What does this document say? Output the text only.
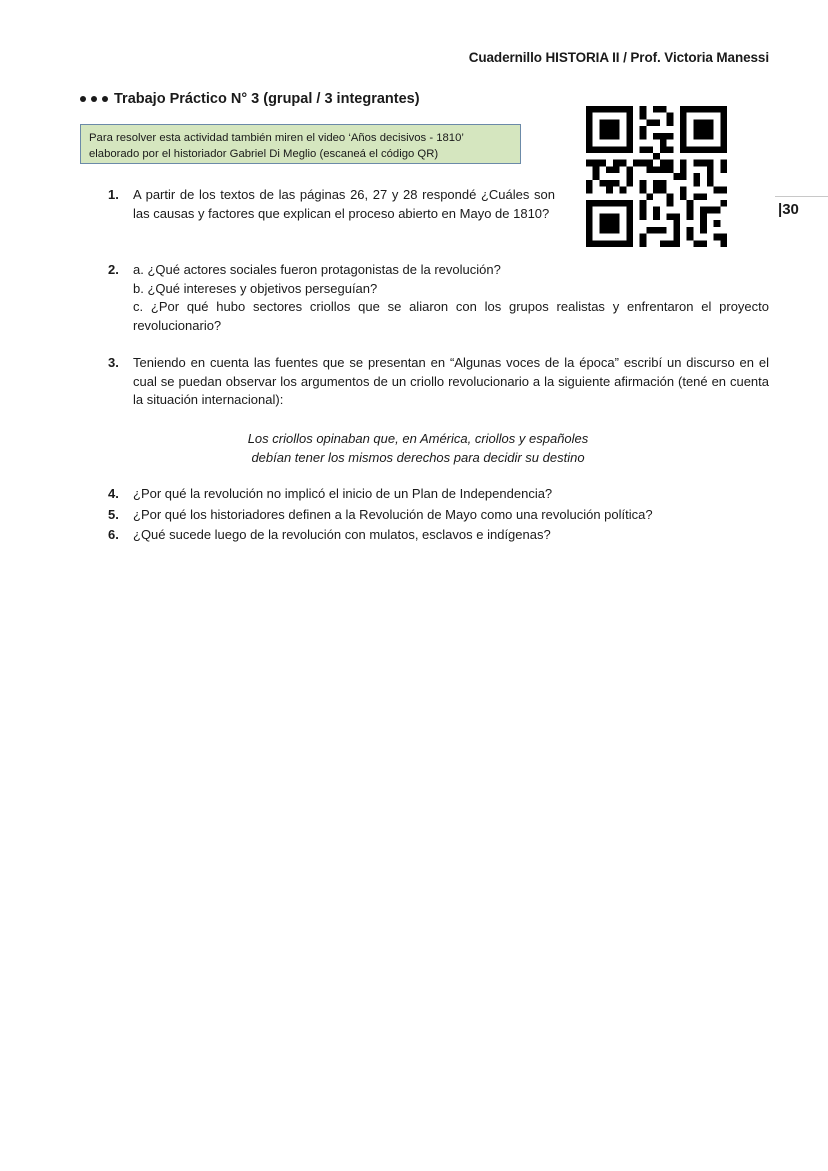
Cuadernillo HISTORIA II / Prof. Victoria Manessi
Trabajo Práctico N° 3 (grupal / 3 integrantes)
Para resolver esta actividad también miren el video ‘Años decisivos - 1810’
elaborado por el historiador Gabriel Di Meglio (escaneá el código QR)
|30
1. A partir de los textos de las páginas 26, 27 y 28 respondé ¿Cuáles son las causas y factores que explican el proceso abierto en Mayo de 1810?
2. a. ¿Qué actores sociales fueron protagonistas de la revolución?
b. ¿Qué intereses y objetivos perseguían?
c. ¿Por qué hubo sectores criollos que se aliaron con los grupos realistas y enfrentaron el proyecto revolucionario?
3. Teniendo en cuenta las fuentes que se presentan en “Algunas voces de la época” escribí un discurso en el cual se puedan observar los argumentos de un criollo revolucionario a la siguiente afirmación (tené en cuenta la situación internacional):
Los criollos opinaban que, en América, criollos y españoles
debían tener los mismos derechos para decidir su destino
4. ¿Por qué la revolución no implicó el inicio de un Plan de Independencia?
5. ¿Por qué los historiadores definen a la Revolución de Mayo como una revolución política?
6. ¿Qué sucede luego de la revolución con mulatos, esclavos e indígenas?
